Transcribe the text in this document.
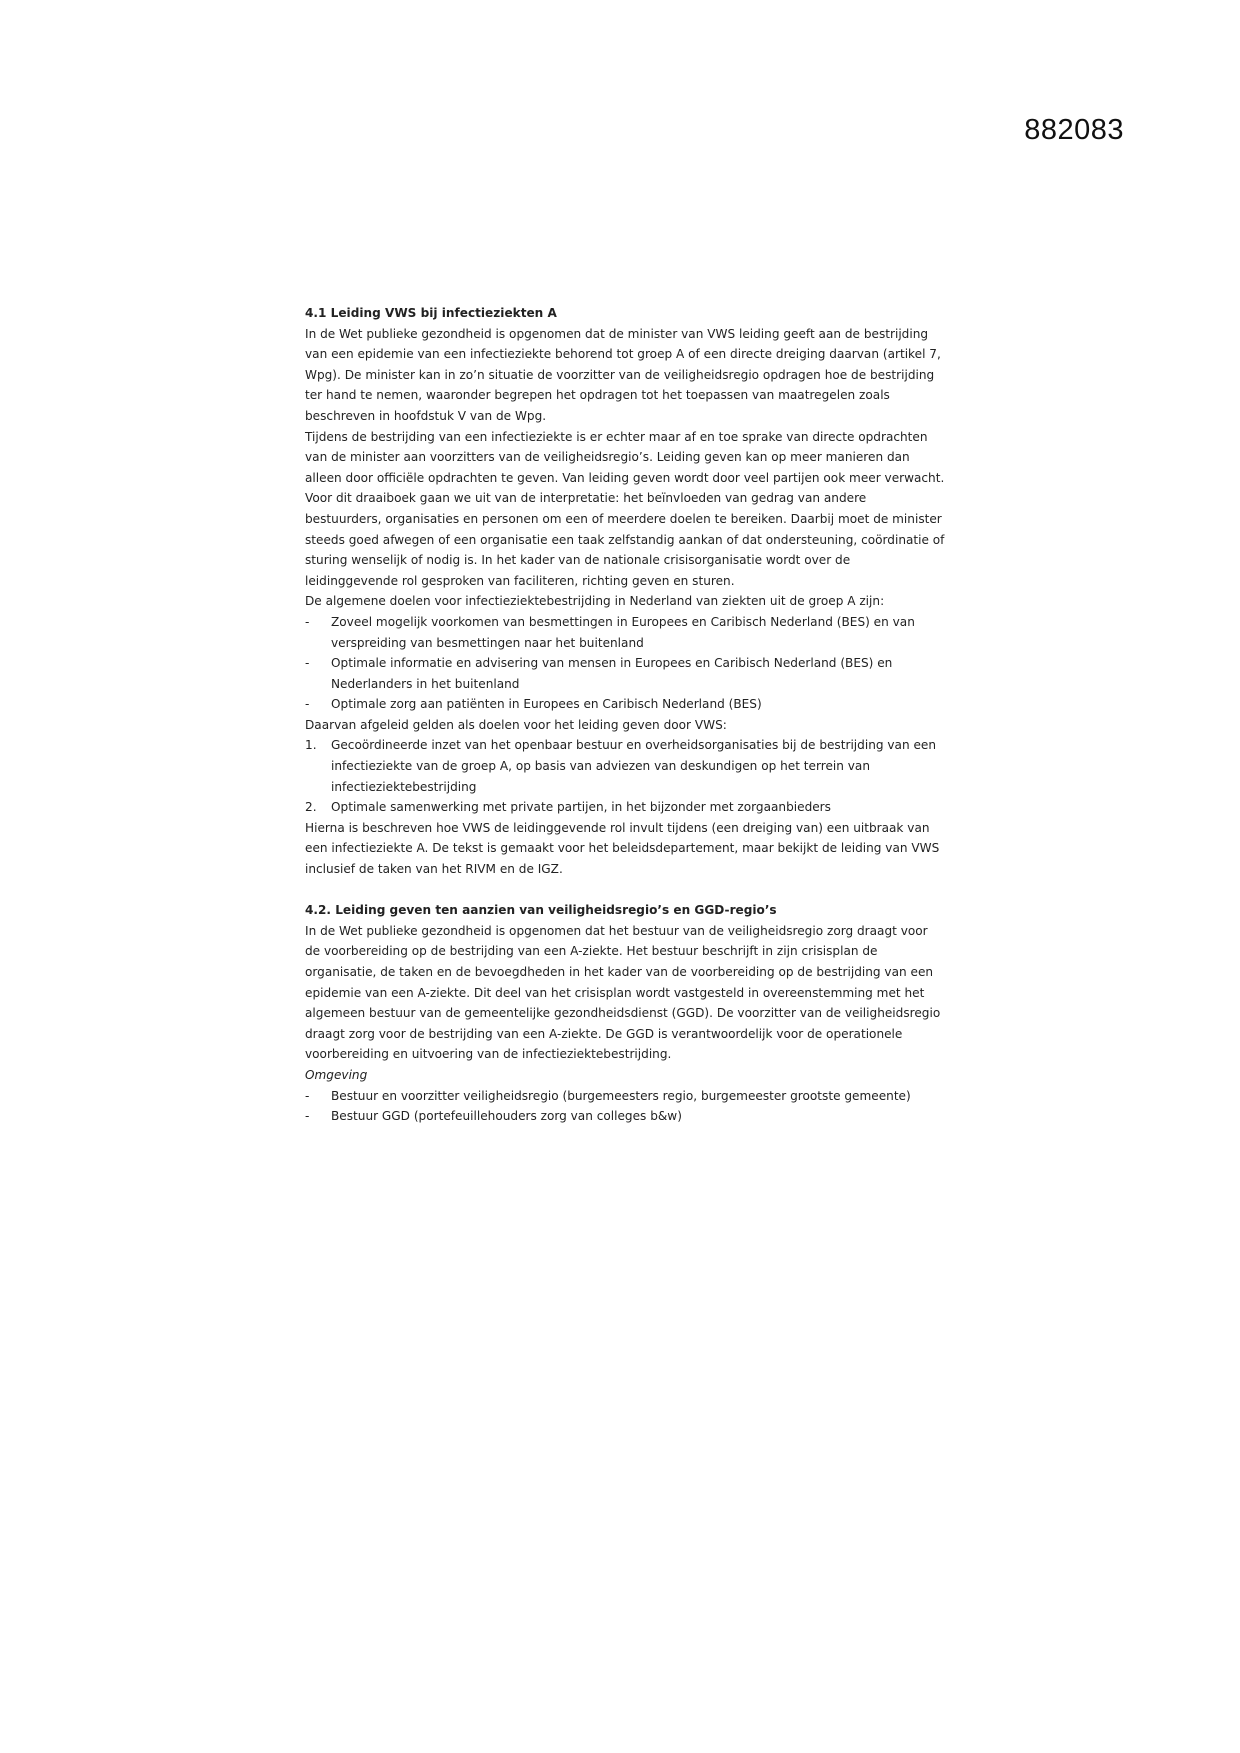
882083
4.1 Leiding VWS bij infectieziekten A

In de Wet publieke gezondheid is opgenomen dat de minister van VWS leiding geeft aan de bestrijding van een epidemie van een infectieziekte behorend tot groep A of een directe dreiging daarvan (artikel 7, Wpg). De minister kan in zo’n situatie de voorzitter van de veiligheidsregio opdragen hoe de bestrijding ter hand te nemen, waaronder begrepen het opdragen tot het toepassen van maatregelen zoals beschreven in hoofdstuk V van de Wpg.

Tijdens de bestrijding van een infectieziekte is er echter maar af en toe sprake van directe opdrachten van de minister aan voorzitters van de veiligheidsregio’s. Leiding geven kan op meer manieren dan alleen door officiële opdrachten te geven. Van leiding geven wordt door veel partijen ook meer verwacht. Voor dit draaiboek gaan we uit van de interpretatie: het beïnvloeden van gedrag van andere bestuurders, organisaties en personen om een of meerdere doelen te bereiken. Daarbij moet de minister steeds goed afwegen of een organisatie een taak zelfstandig aankan of dat ondersteuning, coördinatie of sturing wenselijk of nodig is. In het kader van de nationale crisisorganisatie wordt over de leidinggevende rol gesproken van faciliteren, richting geven en sturen.

De algemene doelen voor infectieziektebestrijding in Nederland van ziekten uit de groep A zijn:

-	Zoveel mogelijk voorkomen van besmettingen in Europees en Caribisch Nederland (BES) en van verspreiding van besmettingen naar het buitenland
-	Optimale informatie en advisering van mensen in Europees en Caribisch Nederland (BES) en Nederlanders in het buitenland
-	Optimale zorg aan patiënten in Europees en Caribisch Nederland (BES)

Daarvan afgeleid gelden als doelen voor het leiding geven door VWS:

1.	Gecoördineerde inzet van het openbaar bestuur en overheidsorganisaties bij de bestrijding van een infectieziekte van de groep A, op basis van adviezen van deskundigen op het terrein van infectieziektebestrijding
2.	Optimale samenwerking met private partijen, in het bijzonder met zorgaanbieders

Hierna is beschreven hoe VWS de leidinggevende rol invult tijdens (een dreiging van) een uitbraak van een infectieziekte A. De tekst is gemaakt voor het beleidsdepartement, maar bekijkt de leiding van VWS inclusief de taken van het RIVM en de IGZ.

4.2. Leiding geven ten aanzien van veiligheidsregio’s en GGD-regio’s

In de Wet publieke gezondheid is opgenomen dat het bestuur van de veiligheidsregio zorg draagt voor de voorbereiding op de bestrijding van een A-ziekte. Het bestuur beschrijft in zijn crisisplan de organisatie, de taken en de bevoegdheden in het kader van de voorbereiding op de bestrijding van een epidemie van een A-ziekte. Dit deel van het crisisplan wordt vastgesteld in overeenstemming met het algemeen bestuur van de gemeentelijke gezondheidsdienst (GGD). De voorzitter van de veiligheidsregio draagt zorg voor de bestrijding van een A-ziekte. De GGD is verantwoordelijk voor de operationele voorbereiding en uitvoering van de infectieziektebestrijding.

Omgeving

-	Bestuur en voorzitter veiligheidsregio (burgemeesters regio, burgemeester grootste gemeente)
-	Bestuur GGD (portefeuillehouders zorg van colleges b&w)
